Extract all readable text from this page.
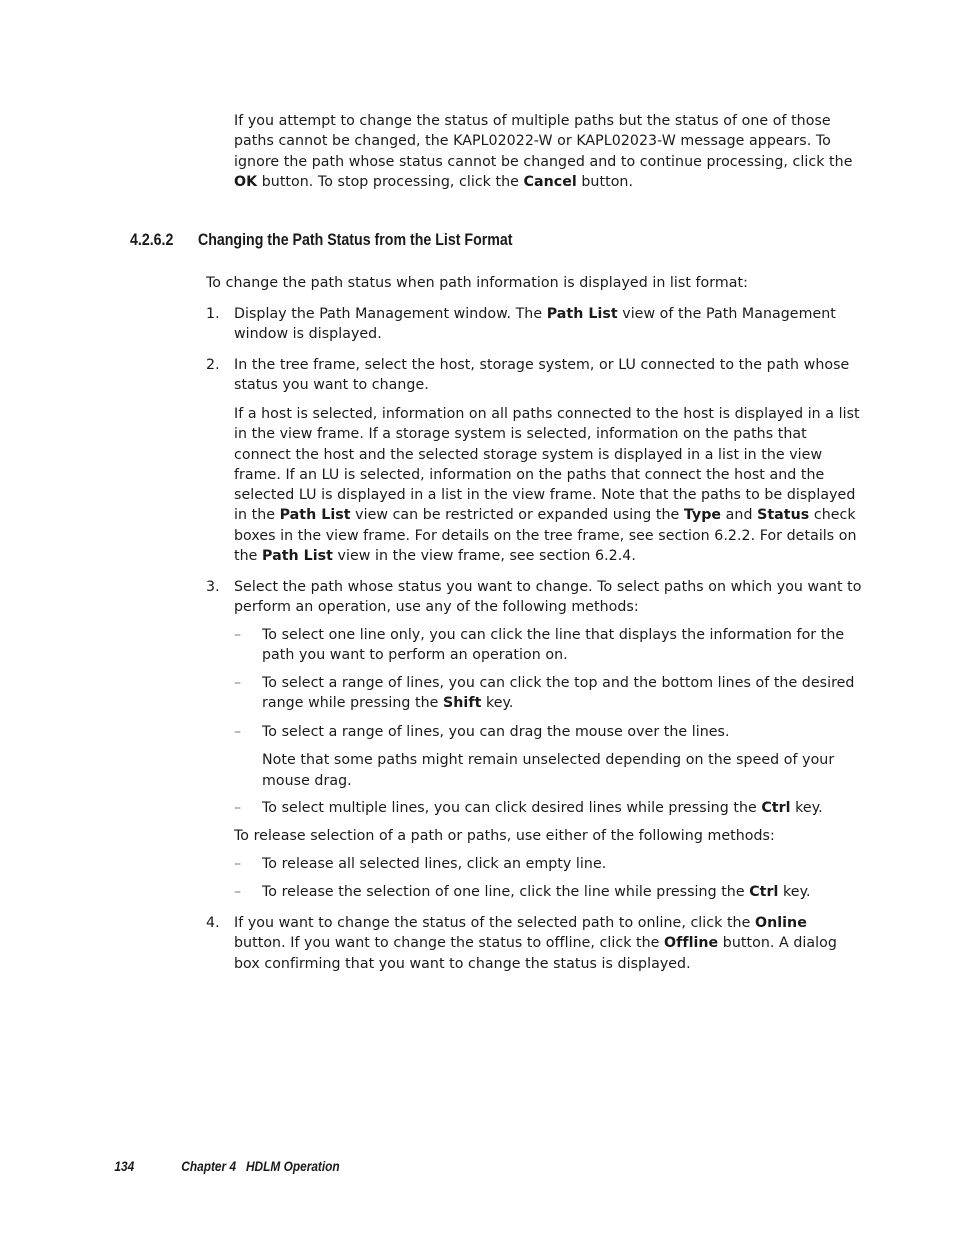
If you attempt to change the status of multiple paths but the status of one of those paths cannot be changed, the KAPL02022-W or KAPL02023-W message appears. To ignore the path whose status cannot be changed and to continue processing, click the OK button. To stop processing, click the Cancel button.

4.2.6.2 Changing the Path Status from the List Format

To change the path status when path information is displayed in list format:

1.	Display the Path Management window. The Path List view of the Path Management window is displayed.

2.	In the tree frame, select the host, storage system, or LU connected to the path whose status you want to change.

If a host is selected, information on all paths connected to the host is displayed in a list in the view frame. If a storage system is selected, information on the paths that connect the host and the selected storage system is displayed in a list in the view frame. If an LU is selected, information on the paths that connect the host and the selected LU is displayed in a list in the view frame. Note that the paths to be displayed in the Path List view can be restricted or expanded using the Type and Status check boxes in the view frame. For details on the tree frame, see section 6.2.2. For details on the Path List view in the view frame, see section 6.2.4.

3.	Select the path whose status you want to change. To select paths on which you want to perform an operation, use any of the following methods:

– To select one line only, you can click the line that displays the information for the path you want to perform an operation on.

– To select a range of lines, you can click the top and the bottom lines of the desired range while pressing the Shift key.

– To select a range of lines, you can drag the mouse over the lines.

Note that some paths might remain unselected depending on the speed of your mouse drag.

– To select multiple lines, you can click desired lines while pressing the Ctrl key.

To release selection of a path or paths, use either of the following methods:

– To release all selected lines, click an empty line.

– To release the selection of one line, click the line while pressing the Ctrl key.

4.	If you want to change the status of the selected path to online, click the Online button. If you want to change the status to offline, click the Offline button. A dialog box confirming that you want to change the status is displayed.

134	Chapter 4   HDLM Operation
